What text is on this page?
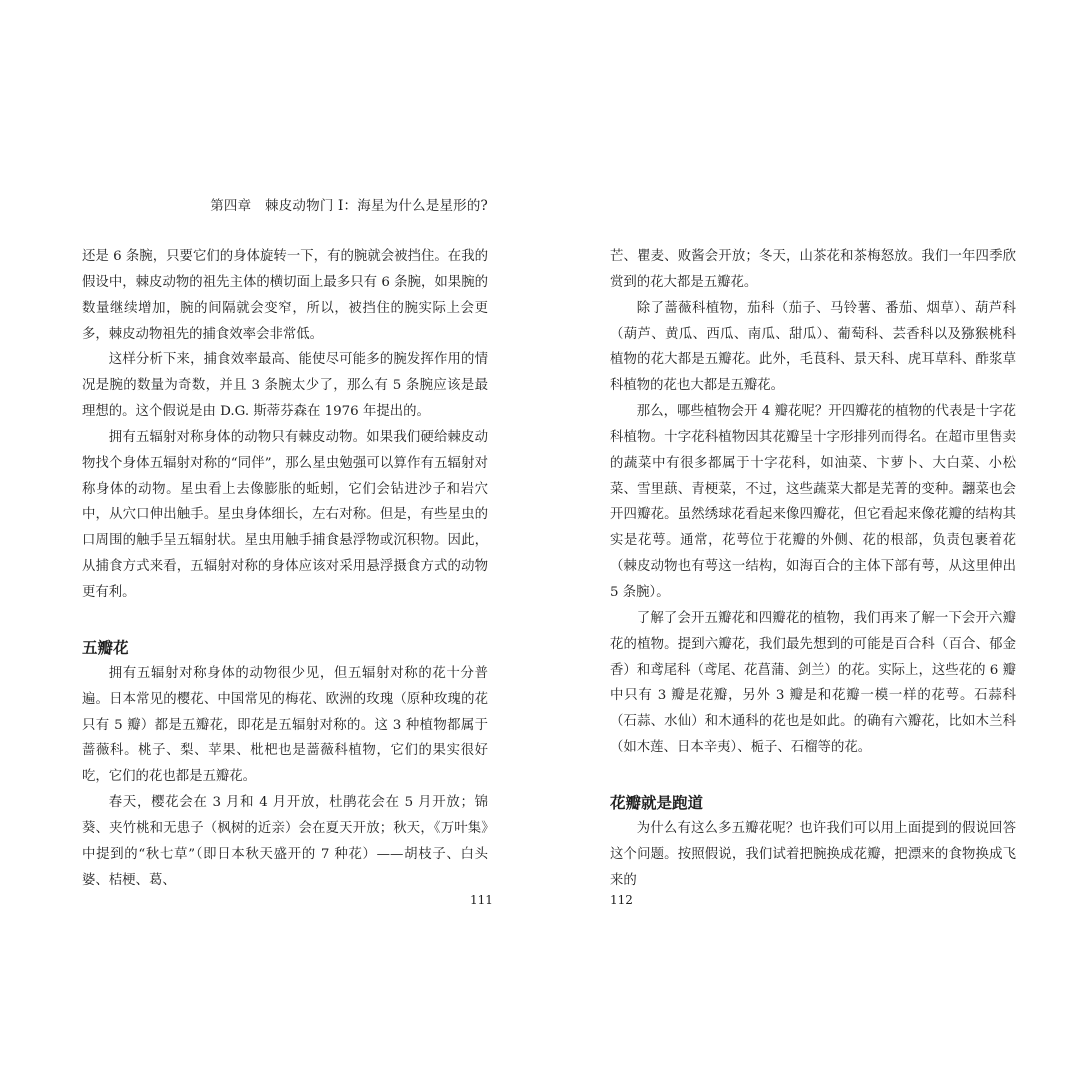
第四章　棘皮动物门 I：海星为什么是星形的?

还是 6 条腕，只要它们的身体旋转一下，有的腕就会被挡住。在我的假设中，棘皮动物的祖先主体的横切面上最多只有 6 条腕，如果腕的数量继续增加，腕的间隔就会变窄，所以，被挡住的腕实际上会更多，棘皮动物祖先的捕食效率会非常低。

这样分析下来，捕食效率最高、能使尽可能多的腕发挥作用的情况是腕的数量为奇数，并且 3 条腕太少了，那么有 5 条腕应该是最理想的。这个假说是由 D.G. 斯蒂芬森在 1976 年提出的。

拥有五辐射对称身体的动物只有棘皮动物。如果我们硬给棘皮动物找个身体五辐射对称的“同伴”，那么星虫勉强可以算作有五辐射对称身体的动物。星虫看上去像膨胀的蚯蚓，它们会钻进沙子和岩穴中，从穴口伸出触手。星虫身体细长，左右对称。但是，有些星虫的口周围的触手呈五辐射状。星虫用触手捕食悬浮物或沉积物。因此，从捕食方式来看，五辐射对称的身体应该对采用悬浮摄食方式的动物更有利。

五瓣花

拥有五辐射对称身体的动物很少见，但五辐射对称的花十分普遍。日本常见的樱花、中国常见的梅花、欧洲的玫瑰（原种玫瑰的花只有 5 瓣）都是五瓣花，即花是五辐射对称的。这 3 种植物都属于蔷薇科。桃子、梨、苹果、枇杷也是蔷薇科植物，它们的果实很好吃，它们的花也都是五瓣花。

春天，樱花会在 3 月和 4 月开放，杜鹃花会在 5 月开放；锦葵、夹竹桃和无患子（枫树的近亲）会在夏天开放；秋天，《万叶集》中提到的“秋七草”（即日本秋天盛开的 7 种花）——胡枝子、白头婆、桔梗、葛、

芒、瞿麦、败酱会开放；冬天，山茶花和茶梅怒放。我们一年四季欣赏到的花大都是五瓣花。

除了蔷薇科植物，茄科（茄子、马铃薯、番茄、烟草）、葫芦科（葫芦、黄瓜、西瓜、南瓜、甜瓜）、葡萄科、芸香科以及猕猴桃科植物的花大都是五瓣花。此外，毛茛科、景天科、虎耳草科、酢浆草科植物的花也大都是五瓣花。

那么，哪些植物会开 4 瓣花呢？开四瓣花的植物的代表是十字花科植物。十字花科植物因其花瓣呈十字形排列而得名。在超市里售卖的蔬菜中有很多都属于十字花科，如油菜、卞萝卜、大白菜、小松菜、雪里蕻、青梗菜，不过，这些蔬菜大都是芜菁的变种。翿菜也会开四瓣花。虽然绣球花看起来像四瓣花，但它看起来像花瓣的结构其实是花萼。通常，花萼位于花瓣的外侧、花的根部，负责包裹着花（棘皮动物也有萼这一结构，如海百合的主体下部有萼，从这里伸出 5 条腕）。

了解了会开五瓣花和四瓣花的植物，我们再来了解一下会开六瓣花的植物。提到六瓣花，我们最先想到的可能是百合科（百合、郁金香）和鸢尾科（鸢尾、花菖蒲、剑兰）的花。实际上，这些花的 6 瓣中只有 3 瓣是花瓣，另外 3 瓣是和花瓣一模一样的花萼。石蒜科（石蒜、水仙）和木通科的花也是如此。的确有六瓣花，比如木兰科（如木莲、日本辛夷）、栀子、石榴等的花。

花瓣就是跑道

为什么有这么多五瓣花呢？也许我们可以用上面提到的假说回答这个问题。按照假说，我们试着把腕换成花瓣，把漂来的食物换成飞来的

111	112
